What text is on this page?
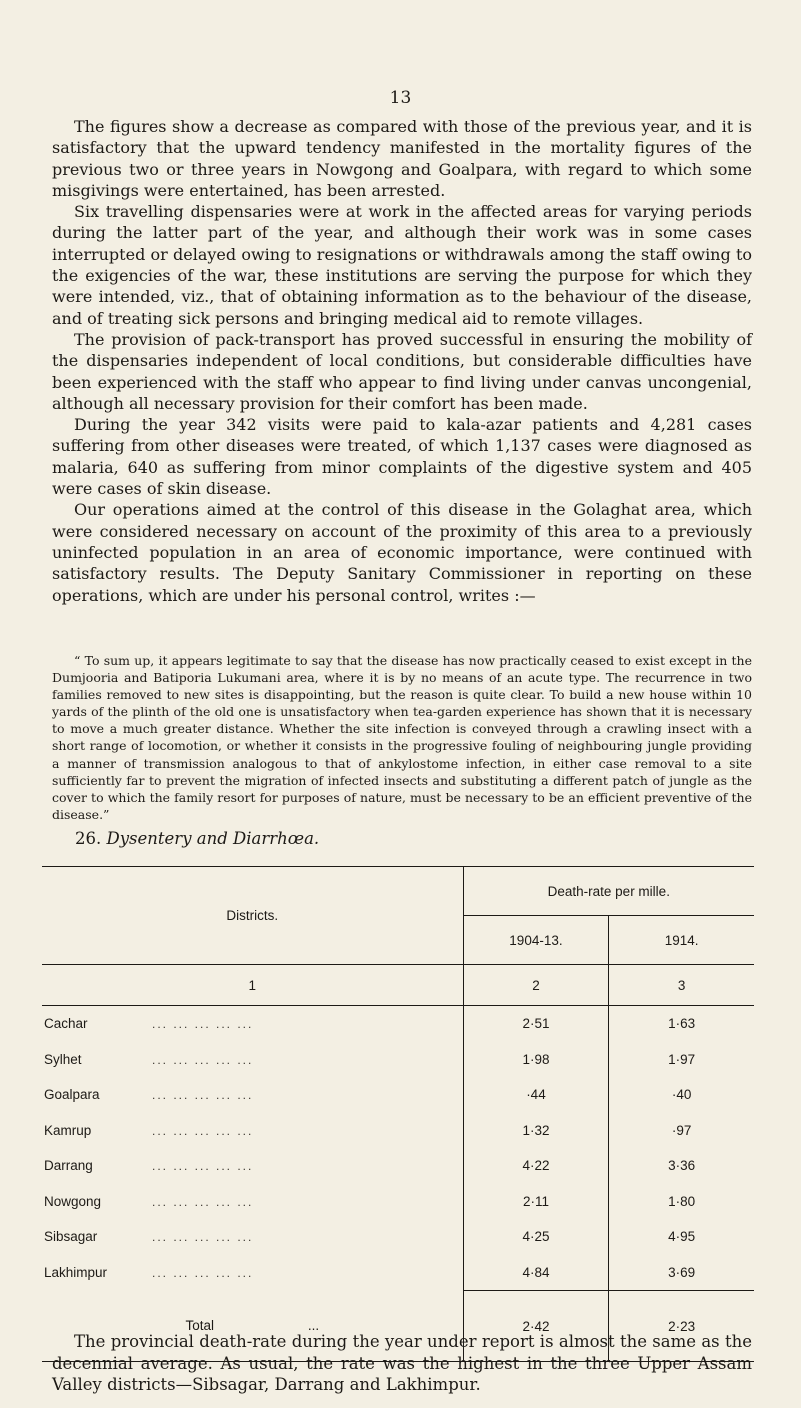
13

The figures show a decrease as compared with those of the previous year, and it is satisfactory that the upward tendency manifested in the mortality figures of the previous two or three years in Nowgong and Goalpara, with regard to which some misgivings were entertained, has been arrested.

Six travelling dispensaries were at work in the affected areas for varying periods during the latter part of the year, and although their work was in some cases interrupted or delayed owing to resignations or withdrawals among the staff owing to the exigencies of the war, these institutions are serving the purpose for which they were intended, viz., that of obtaining information as to the behaviour of the disease, and of treating sick persons and bringing medical aid to remote villages.

The provision of pack-transport has proved successful in ensuring the mobility of the dispensaries independent of local conditions, but considerable difficulties have been experienced with the staff who appear to find living under canvas uncongenial, although all necessary provision for their comfort has been made.

During the year 342 visits were paid to kala-azar patients and 4,281 cases suffering from other diseases were treated, of which 1,137 cases were diagnosed as malaria, 640 as suffering from minor complaints of the digestive system and 405 were cases of skin disease.

Our operations aimed at the control of this disease in the Golaghat area, which were considered necessary on account of the proximity of this area to a previously uninfected population in an area of economic importance, were continued with satisfactory results. The Deputy Sanitary Commissioner in reporting on these operations, which are under his personal control, writes :—

“ To sum up, it appears legitimate to say that the disease has now practically ceased to exist except in the Dumjooria and Batiporia Lukumani area, where it is by no means of an acute type. The recurrence in two families removed to new sites is disappointing, but the reason is quite clear. To build a new house within 10 yards of the plinth of the old one is unsatisfactory when tea-garden experience has shown that it is necessary to move a much greater distance. Whether the site infection is conveyed through a crawling insect with a short range of locomotion, or whether it consists in the progressive fouling of neighbouring jungle providing a manner of transmission analogous to that of ankylostome infection, in either case removal to a site sufficiently far to prevent the migration of infected insects and substituting a different patch of jungle as the cover to which the family resort for purposes of nature, must be necessary to be an efficient preventive of the disease.”

26. Dysentery and Diarrhœa.
Districts.	Death-rate per mille.	
	1904-13.	1914.
1	2	3
Cachar ... ... ... ... ...	2·51	1·63
Sylhet ... ... ... ... ...	1·98	1·97
Goalpara ... ... ... ... ...	·44	·40
Kamrup ... ... ... ... ...	1·32	·97
Darrang ... ... ... ... ...	4·22	3·36
Nowgong ... ... ... ... ...	2·11	1·80
Sibsagar ... ... ... ... ...	4·25	4·95
Lakhimpur ... ... ... ... ...	4·84	3·69
Total ...	2·42	2·23

The provincial death-rate during the year under report is almost the same as the decennial average. As usual, the rate was the highest in the three Upper Assam Valley districts—Sibsagar, Darrang and Lakhimpur.
